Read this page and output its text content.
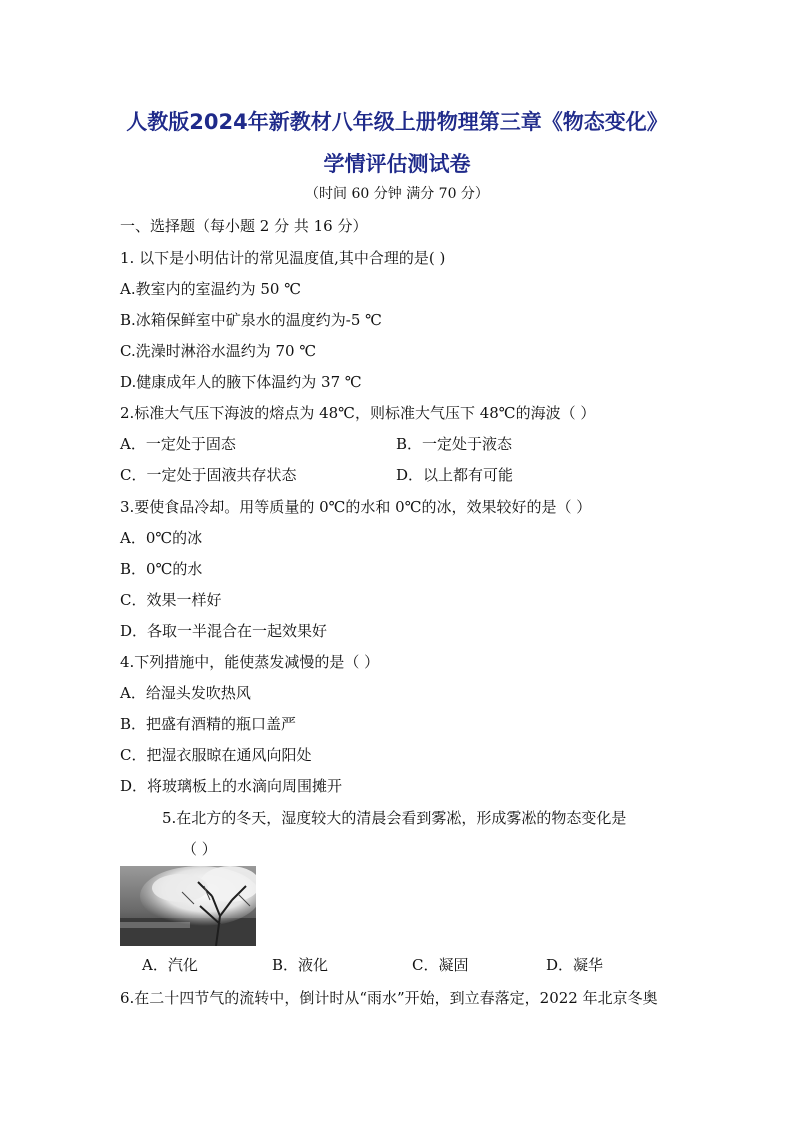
人教版2024年新教材八年级上册物理第三章《物态变化》
学情评估测试卷
（时间 60 分钟 满分 70 分）
一、选择题（每小题 2 分 共 16 分）
1. 以下是小明估计的常见温度值,其中合理的是( )
A.教室内的室温约为 50 ℃
B.冰箱保鲜室中矿泉水的温度约为-5 ℃
C.洗澡时淋浴水温约为 70 ℃
D.健康成年人的腋下体温约为 37 ℃
2.标准大气压下海波的熔点为 48℃，则标准大气压下 48℃的海波（ ）
A．一定处于固态	B．一定处于液态
C．一定处于固液共存状态	D．以上都有可能
3.要使食品冷却。用等质量的 0℃的水和 0℃的冰，效果较好的是（ ）
A．0℃的冰
B．0℃的水
C．效果一样好
D．各取一半混合在一起效果好
4.下列措施中，能使蒸发减慢的是（ ）
A．给湿头发吹热风
B．把盛有酒精的瓶口盖严
C．把湿衣服晾在通风向阳处
D．将玻璃板上的水滴向周围摊开
5.在北方的冬天，湿度较大的清晨会看到雾凇，形成雾凇的物态变化是
（ ）
A．汽化	B．液化	C．凝固	D．凝华
6.在二十四节气的流转中，倒计时从“雨水”开始，到立春落定，2022 年北京冬奥
